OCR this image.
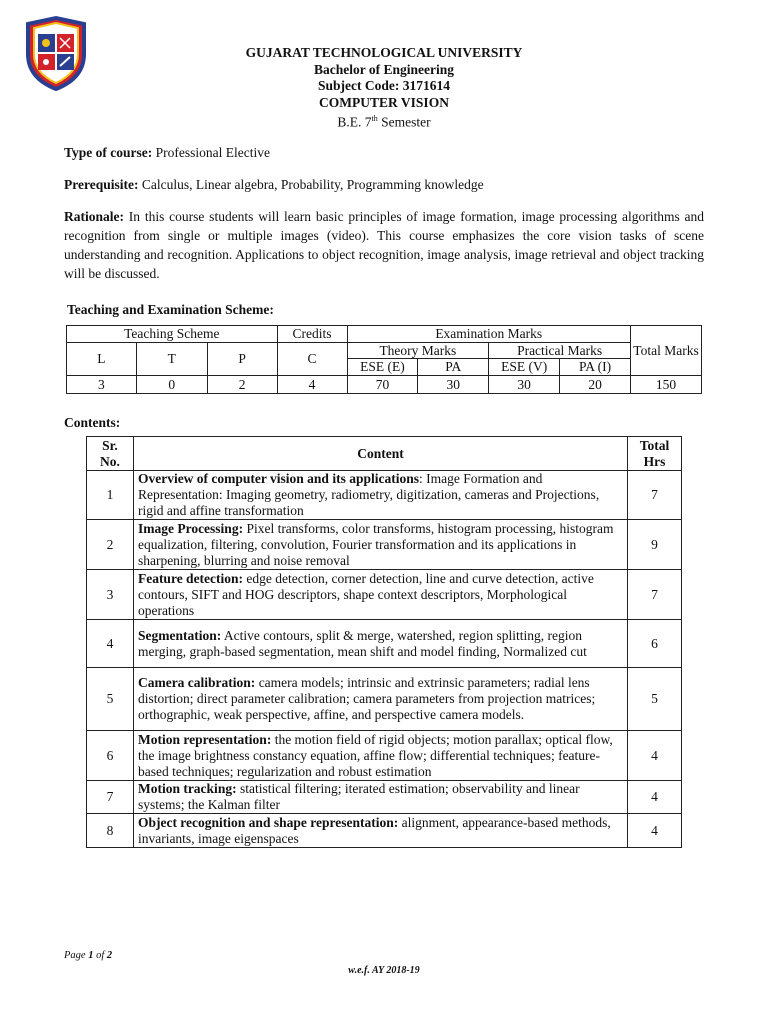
GUJARAT TECHNOLOGICAL UNIVERSITY
Bachelor of Engineering
Subject Code: 3171614
COMPUTER VISION
B.E. 7th Semester
Type of course: Professional Elective
Prerequisite: Calculus, Linear algebra, Probability, Programming knowledge
Rationale: In this course students will learn basic principles of image formation, image processing algorithms and recognition from single or multiple images (video). This course emphasizes the core vision tasks of scene understanding and recognition. Applications to object recognition, image analysis, image retrieval and object tracking will be discussed.
Teaching and Examination Scheme:
Teaching Scheme			Credits	Examination Marks				Total Marks
L	T	P	C	Theory Marks		Practical Marks		
				ESE (E)	PA	ESE (V)	PA (I)	
3	0	2	4	70	30	30	20	150
Contents:
Sr. No.	Content	Total Hrs
1	Overview of computer vision and its applications: Image Formation and Representation: Imaging geometry, radiometry, digitization, cameras and Projections, rigid and affine transformation	7
2	Image Processing: Pixel transforms, color transforms, histogram processing, histogram equalization, filtering, convolution, Fourier transformation and its applications in sharpening, blurring and noise removal	9
3	Feature detection: edge detection, corner detection, line and curve detection, active contours, SIFT and HOG descriptors, shape context descriptors, Morphological operations	7
4	Segmentation: Active contours, split & merge, watershed, region splitting, region merging, graph-based segmentation, mean shift and model finding, Normalized cut	6
5	Camera calibration: camera models; intrinsic and extrinsic parameters; radial lens distortion; direct parameter calibration; camera parameters from projection matrices; orthographic, weak perspective, affine, and perspective camera models.	5
6	Motion representation: the motion field of rigid objects; motion parallax; optical flow, the image brightness constancy equation, affine flow; differential techniques; feature-based techniques; regularization and robust estimation	4
7	Motion tracking: statistical filtering; iterated estimation; observability and linear systems; the Kalman filter	4
8	Object recognition and shape representation: alignment, appearance-based methods, invariants, image eigenspaces	4
Page 1 of 2
w.e.f. AY 2018-19
